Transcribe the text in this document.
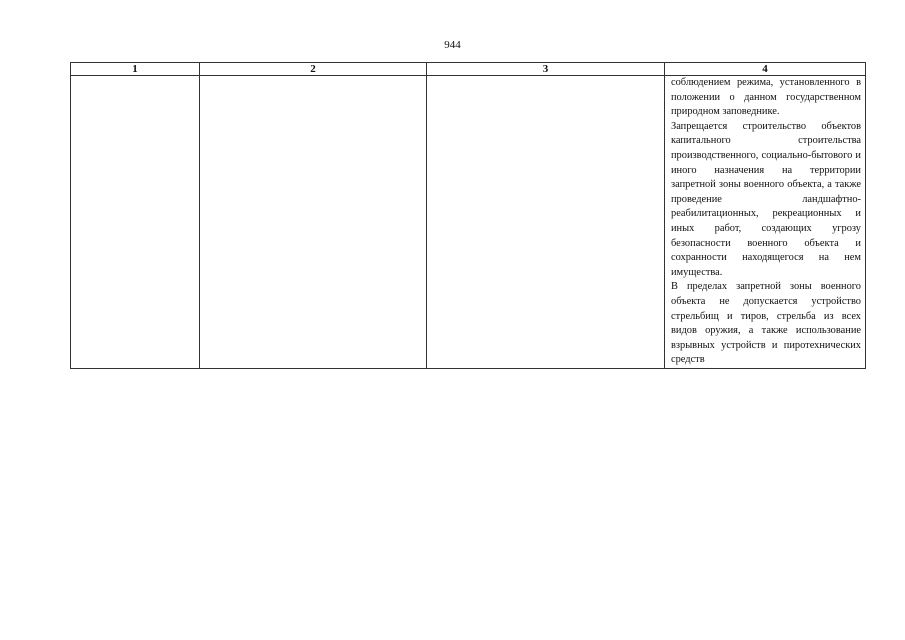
944
1	2	3	4

			соблюдением режима, установленного в положении о данном государственном природном заповеднике.

Запрещается строительство объектов капитального строительства производственного, социально-бытового и иного назначения на территории запретной зоны военного объекта, а также проведение ландшафтно-реабилитационных, рекреационных и иных работ, создающих угрозу безопасности военного объекта и сохранности находящегося на нем имущества.

В пределах запретной зоны военного объекта не допускается устройство стрельбищ и тиров, стрельба из всех видов оружия, а также использование взрывных устройств и пиротехнических средств
